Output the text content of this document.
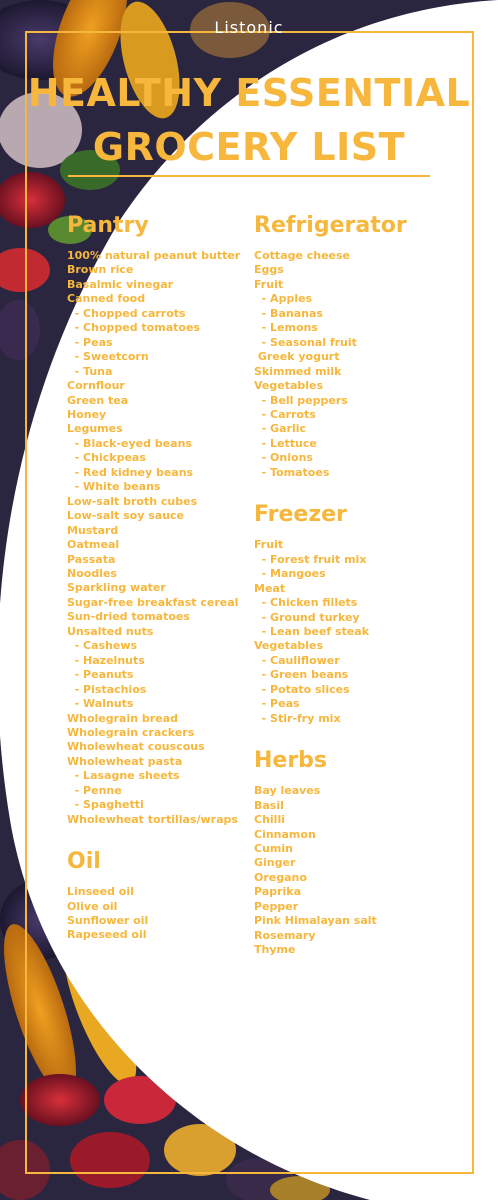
Listonic
HEALTHY ESSENTIAL
GROCERY LIST
Pantry
100% natural peanut butter
Brown rice
Basalmic vinegar
Canned food
- Chopped carrots
- Chopped tomatoes
- Peas
- Sweetcorn
- Tuna
Cornflour
Green tea
Honey
Legumes
- Black-eyed beans
- Chickpeas
- Red kidney beans
- White beans
Low-salt broth cubes
Low-salt soy sauce
Mustard
Oatmeal
Passata
Noodles
Sparkling water
Sugar-free breakfast cereal
Sun-dried tomatoes
Unsalted nuts
- Cashews
- Hazelnuts
- Peanuts
- Pistachios
- Walnuts
Wholegrain bread
Wholegrain crackers
Wholewheat couscous
Wholewheat pasta
- Lasagne sheets
- Penne
- Spaghetti
Wholewheat tortillas/wraps
Oil
Linseed oil
Olive oil
Sunflower oil
Rapeseed oil
Refrigerator
Cottage cheese
Eggs
Fruit
- Apples
- Bananas
- Lemons
- Seasonal fruit
Greek yogurt
Skimmed milk
Vegetables
- Bell peppers
- Carrots
- Garlic
- Lettuce
- Onions
- Tomatoes
Freezer
Fruit
- Forest fruit mix
- Mangoes
Meat
- Chicken fillets
- Ground turkey
- Lean beef steak
Vegetables
- Cauliflower
- Green beans
- Potato slices
- Peas
- Stir-fry mix
Herbs
Bay leaves
Basil
Chilli
Cinnamon
Cumin
Ginger
Oregano
Paprika
Pepper
Pink Himalayan salt
Rosemary
Thyme
